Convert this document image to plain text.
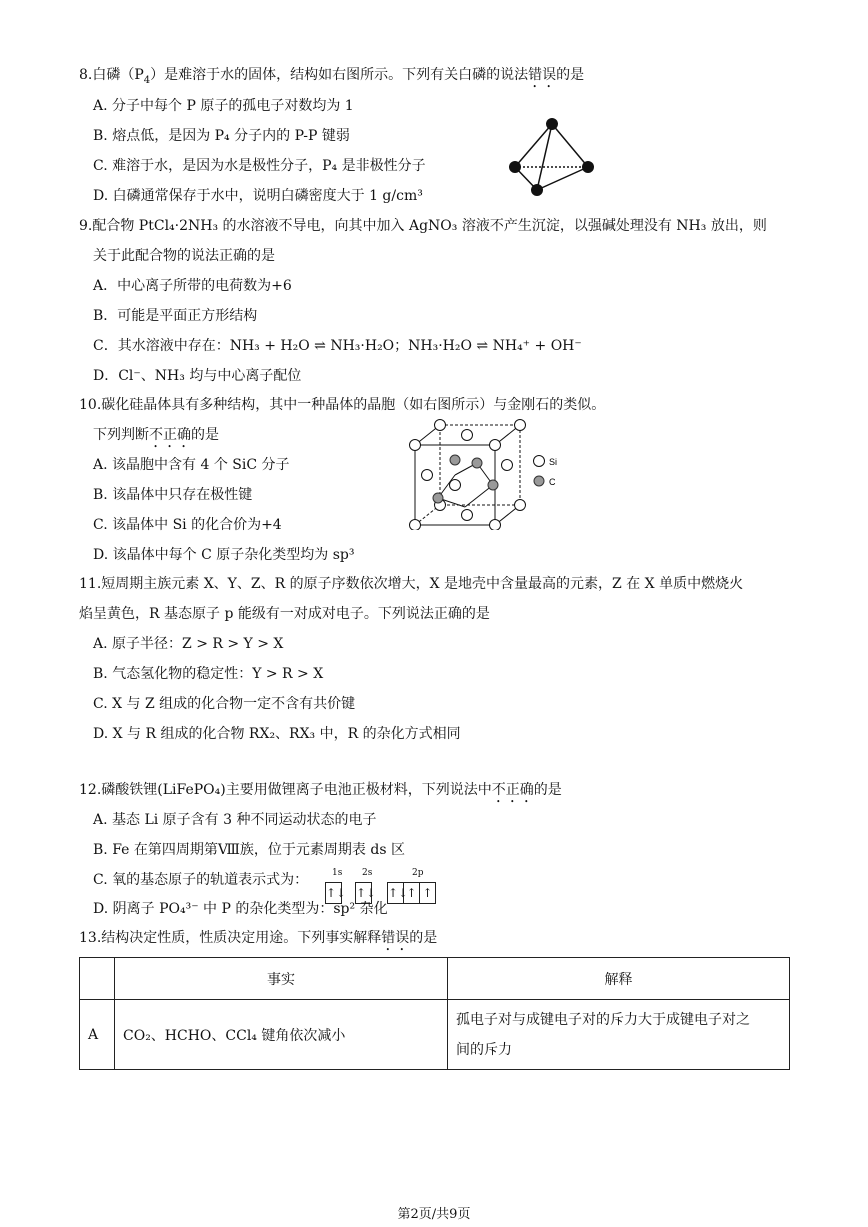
8.白磷$(P_4)$是难溶于水的固体，结构如右图所示。下列有关白磷的说法错误的是
A. 分子中每个 P 原子的孤电子对数均为 1
B. 熔点低，是因为 P₄ 分子内的 P-P 键弱
C. 难溶于水，是因为水是极性分子，P₄ 是非极性分子
D. 白磷通常保存于水中，说明白磷密度大于 1 g/cm³
9.配合物 PtCl₄·2NH₃ 的水溶液不导电，向其中加入 AgNO₃ 溶液不产生沉淀，以强碱处理没有 NH₃ 放出，则
关于此配合物的说法正确的是
A．中心离子所带的电荷数为+6
B．可能是平面正方形结构
C．其水溶液中存在：NH₃ + H₂O ⇌ NH₃·H₂O；NH₃·H₂O ⇌ NH₄⁺ + OH⁻
D．Cl⁻、NH₃ 均与中心离子配位
10.碳化硅晶体具有多种结构，其中一种晶体的晶胞（如右图所示）与金刚石的类似。
下列判断不正确的是
A. 该晶胞中含有 4 个 SiC 分子
B. 该晶体中只存在极性键
C. 该晶体中 Si 的化合价为+4
D. 该晶体中每个 C 原子杂化类型均为 sp³
Si
C
11.短周期主族元素 X、Y、Z、R 的原子序数依次增大，X 是地壳中含量最高的元素，Z 在 X 单质中燃烧火
焰呈黄色，R 基态原子 p 能级有一对成对电子。下列说法正确的是
A. 原子半径：Z > R > Y > X
B. 气态氢化物的稳定性：Y > R > X
C. X 与 Z 组成的化合物一定不含有共价键
D. X 与 R 组成的化合物 RX₂、RX₃ 中，R 的杂化方式相同
12.磷酸铁锂(LiFePO₄)主要用做锂离子电池正极材料，下列说法中不正确的是
A. 基态 Li 原子含有 3 种不同运动状态的电子
B. Fe 在第四周期第Ⅷ族，位于元素周期表 ds 区
C. 氧的基态原子的轨道表示式为：	1s 2s	2p
↑↓ ↑↓ ↑↓
↑ ↑
D. 阴离子 PO₄³⁻ 中 P 的杂化类型为：sp² 杂化
13.结构决定性质，性质决定用途。下列事实解释错误的是
	事实	解释
A	CO₂、HCHO、CCl₄ 键角依次减小	孤电子对与成键电子对的斥力大于成键电子对之
间的斥力
第2页/共9页
